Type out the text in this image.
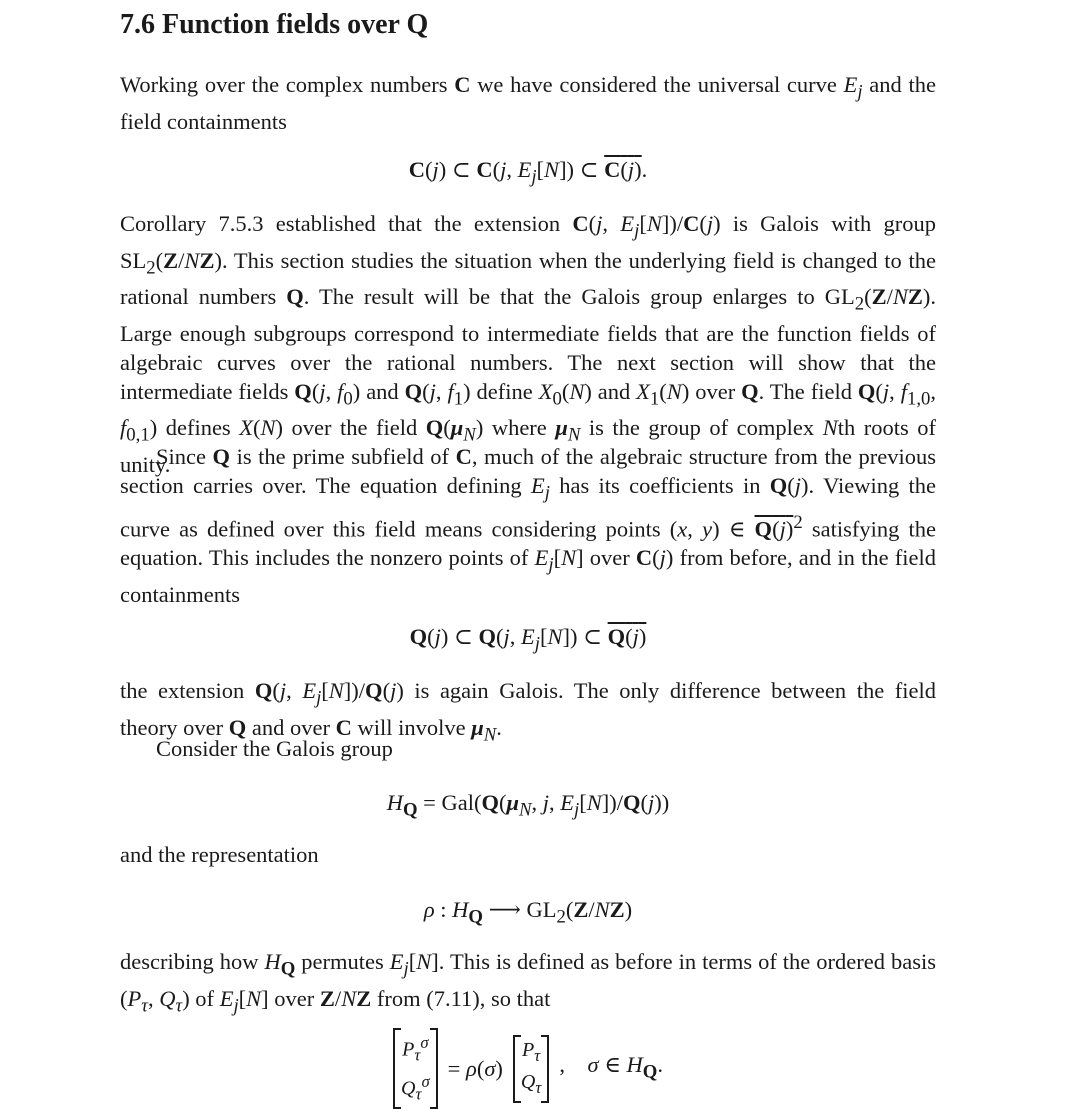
7.6 Function fields over Q

Working over the complex numbers C we have considered the universal curve $E_j$ and the field containments

C(j) ⊂ C(j, $E_j[N]$) ⊂ C(j).

Corollary 7.5.3 established that the extension C(j, $E_j[N])/C(j)$ is Galois with group $SL_2(Z/NZ)$. This section studies the situation when the underlying field is changed to the rational numbers Q. The result will be that the Galois group enlarges to $GL_2(Z/NZ)$. Large enough subgroups correspond to intermediate fields that are the function fields of algebraic curves over the rational numbers. The next section will show that the intermediate fields Q(j, $f_0$) and Q(j, $f_1$) define $X_0(N)$ and $X_1(N)$ over Q. The field Q(j, $f_{1,0}$, $f_{0,1}$) defines X(N) over the field $Q(\mu_N)$ where $\mu_N$ is the group of complex Nth roots of unity.

Since Q is the prime subfield of C, much of the algebraic structure from the previous section carries over. The equation defining $E_j$ has its coefficients in Q(j). Viewing the curve as defined over this field means considering points (x, y) ∈ $Q(j)^2$ satisfying the equation. This includes the nonzero points of $E_j[N]$ over C(j) from before, and in the field containments

Q(j) ⊂ Q(j, $E_j[N]$) ⊂ Q(j)

the extension Q(j, $E_j[N])/Q(j)$ is again Galois. The only difference between the field theory over Q and over C will involve $\mu_N$.

Consider the Galois group

$H_Q = Gal(Q(\mu_N$, j, $E_j[N])/Q(j)$)

and the representation

ρ : $H_Q$ ⟶ $GL_2(Z/NZ)$

describing how $H_Q$ permutes $E_j[N]$. This is defined as before in terms of the ordered basis ($P_\tau$, $Q_\tau$) of $E_j[N]$ over Z/NZ from (7.11), so that

$P_\tau^\sigma$
$Q_\tau^\sigma = \rho(\sigma)$
$P_\tau$
$Q_\tau$
,    σ ∈ $H_Q$.
